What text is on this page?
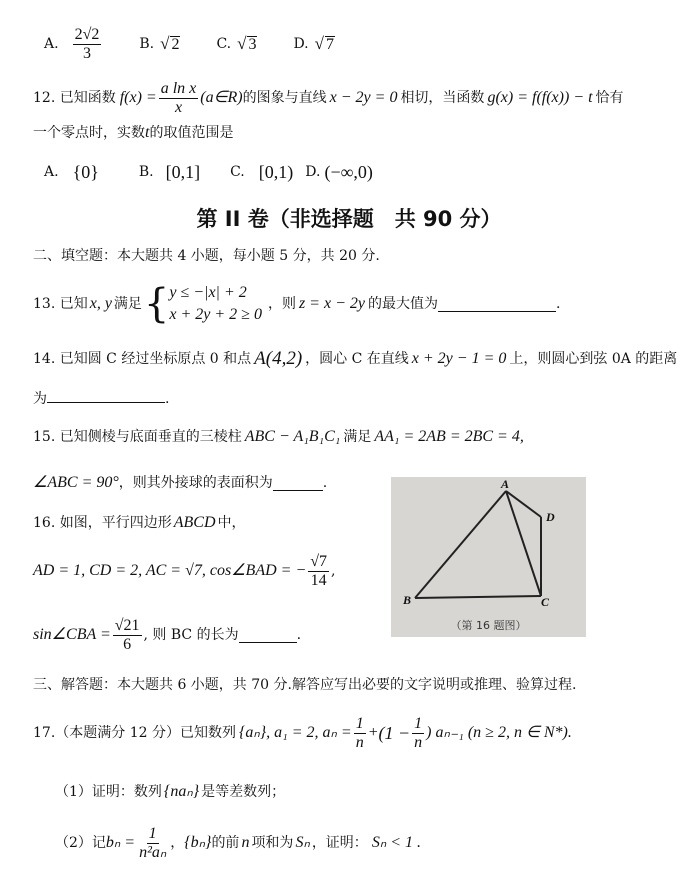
A. $\frac{2√2}{3}$	B. √ 2	C. √ 3	D. √ 7
12. 已知函数 $f(x) = \frac{\text{a ln x}}{x}$ (a∈R) 的图象与直线 x − 2y = 0 相切，当函数 g(x) = f(f(x)) − t 恰有
一个零点时，实数t的取值范围是
A. {0}	B. [0,1] C. [0,1) D. (−∞,0)
第 II 卷（非选择题　共 90 分）
二、填空题：本大题共 4 小题，每小题 5 分，共 20 分.
13. 已知 x, y 满足 { y ≤ −|x| + 2
x + 2y + 2 ≥ 0
，则 z = x − 2y 的最大值为	.
14. 已知圆 C 经过坐标原点 0 和点 A(4,2) ，圆心 C 在直线 x + 2y − 1 = 0 上，则圆心到弦 0A 的距离
为	.
15. 已知侧棱与底面垂直的三棱柱 ABC − A₁B₁C₁ 满足 AA₁ = 2AB = 2BC = 4,
∠ABC = 90° ，则其外接球的表面积为	.
16. 如图，平行四边形 ABCD 中，
AD = 1, CD = 2, AC = √7, cos∠BAD = − $\frac{√7}{14}$ ,
sin∠CBA = $\frac{√21}{6}$ , 则 BC 的长为	.
A
D
B	C
（第 16 题图）
三、解答题：本大题共 6 小题，共 70 分.解答应写出必要的文字说明或推理、验算过程.
17.（本题满分 12 分）已知数列 {aₙ}, a₁ = 2, $a_n = \frac{1}{n} + (1 - \frac{1}{n}$ ) aₙ₋₁ (n ≥ 2, n ∈ N*).
（1）证明：数列 {naₙ} 是等差数列；
（2）记 $b_n = \frac{1}{\text{n²aₙ}}$ ， {bₙ} 的前 n 项和为 Sₙ ，证明： Sₙ < 1 .
